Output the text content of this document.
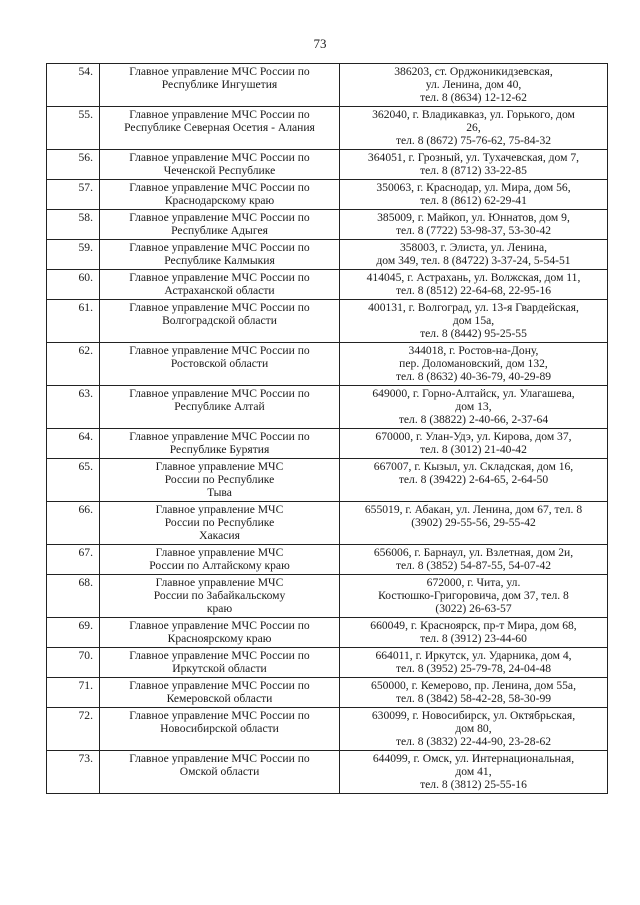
73
54.	Главное управление МЧС России по
Республике Ингушетия	386203, ст. Орджоникидзевская,
ул. Ленина, дом 40,
тел. 8 (8634) 12-12-62

55.	Главное управление МЧС России по
Республике Северная Осетия - Алания	362040, г. Владикавказ, ул. Горького, дом
26,
тел. 8 (8672) 75-76-62, 75-84-32

56.	Главное управление МЧС России по
Чеченской Республике	364051, г. Грозный, ул. Тухачевская, дом 7,
тел. 8 (8712) 33-22-85

57.	Главное управление МЧС России по
Краснодарскому краю	350063, г. Краснодар, ул. Мира, дом 56,
тел. 8 (8612) 62-29-41

58.	Главное управление МЧС России по
Республике Адыгея	385009, г. Майкоп, ул. Юннатов, дом 9,
тел. 8 (7722) 53-98-37, 53-30-42

59.	Главное управление МЧС России по
Республике Калмыкия	358003, г. Элиста, ул. Ленина,
дом 349, тел. 8 (84722) 3-37-24, 5-54-51

60.	Главное управление МЧС России по
Астраханской области	414045, г. Астрахань, ул. Волжская, дом 11,
тел. 8 (8512) 22-64-68, 22-95-16

61.	Главное управление МЧС России по
Волгоградской области	400131, г. Волгоград, ул. 13-я Гвардейская,
дом 15а,
тел. 8 (8442) 95-25-55

62.	Главное управление МЧС России по
Ростовской области	344018, г. Ростов-на-Дону,
пер. Доломановский, дом 132,
тел. 8 (8632) 40-36-79, 40-29-89

63.	Главное управление МЧС России по
Республике Алтай	649000, г. Горно-Алтайск, ул. Улагашева,
дом 13,
тел. 8 (38822) 2-40-66, 2-37-64

64.	Главное управление МЧС России по
Республике Бурятия	670000, г. Улан-Удэ, ул. Кирова, дом 37,
тел. 8 (3012) 21-40-42

65.	Главное управление МЧС
России по Республике
Тыва	667007, г. Кызыл, ул. Складская, дом 16,
тел. 8 (39422) 2-64-65, 2-64-50

66.	Главное управление МЧС
России по Республике
Хакасия	655019, г. Абакан, ул. Ленина, дом 67, тел. 8
(3902) 29-55-56, 29-55-42

67.	Главное управление МЧС
России по Алтайскому краю	656006, г. Барнаул, ул. Взлетная, дом 2и,
тел. 8 (3852) 54-87-55, 54-07-42

68.	Главное управление МЧС
России по Забайкальскому
краю	672000, г. Чита, ул.
Костюшко-Григоровича, дом 37, тел. 8
(3022) 26-63-57

69.	Главное управление МЧС России по
Красноярскому краю	660049, г. Красноярск, пр-т Мира, дом 68,
тел. 8 (3912) 23-44-60

70.	Главное управление МЧС России по
Иркутской области	664011, г. Иркутск, ул. Ударника, дом 4,
тел. 8 (3952) 25-79-78, 24-04-48

71.	Главное управление МЧС России по
Кемеровской области	650000, г. Кемерово, пр. Ленина, дом 55а,
тел. 8 (3842) 58-42-28, 58-30-99

72.	Главное управление МЧС России по
Новосибирской области	630099, г. Новосибирск, ул. Октябрьская,
дом 80,
тел. 8 (3832) 22-44-90, 23-28-62

73.	Главное управление МЧС России по
Омской области	644099, г. Омск, ул. Интернациональная,
дом 41,
тел. 8 (3812) 25-55-16
